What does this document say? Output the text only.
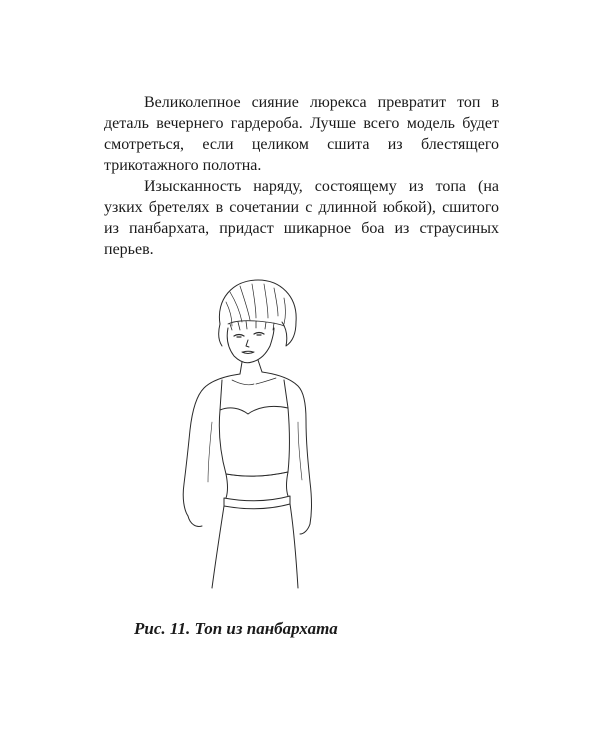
Великолепное сияние люрекса превратит топ в деталь вечернего гардероба. Лучше всего модель будет смотреться, если целиком сшита из блестящего трикотажного полотна.

Изысканность наряду, состоящему из топа (на узких бретелях в сочетании с длинной юбкой), сшитого из панбархата, придаст шикарное боа из страусиных перьев.

Рис. 11. Топ из панбархата
